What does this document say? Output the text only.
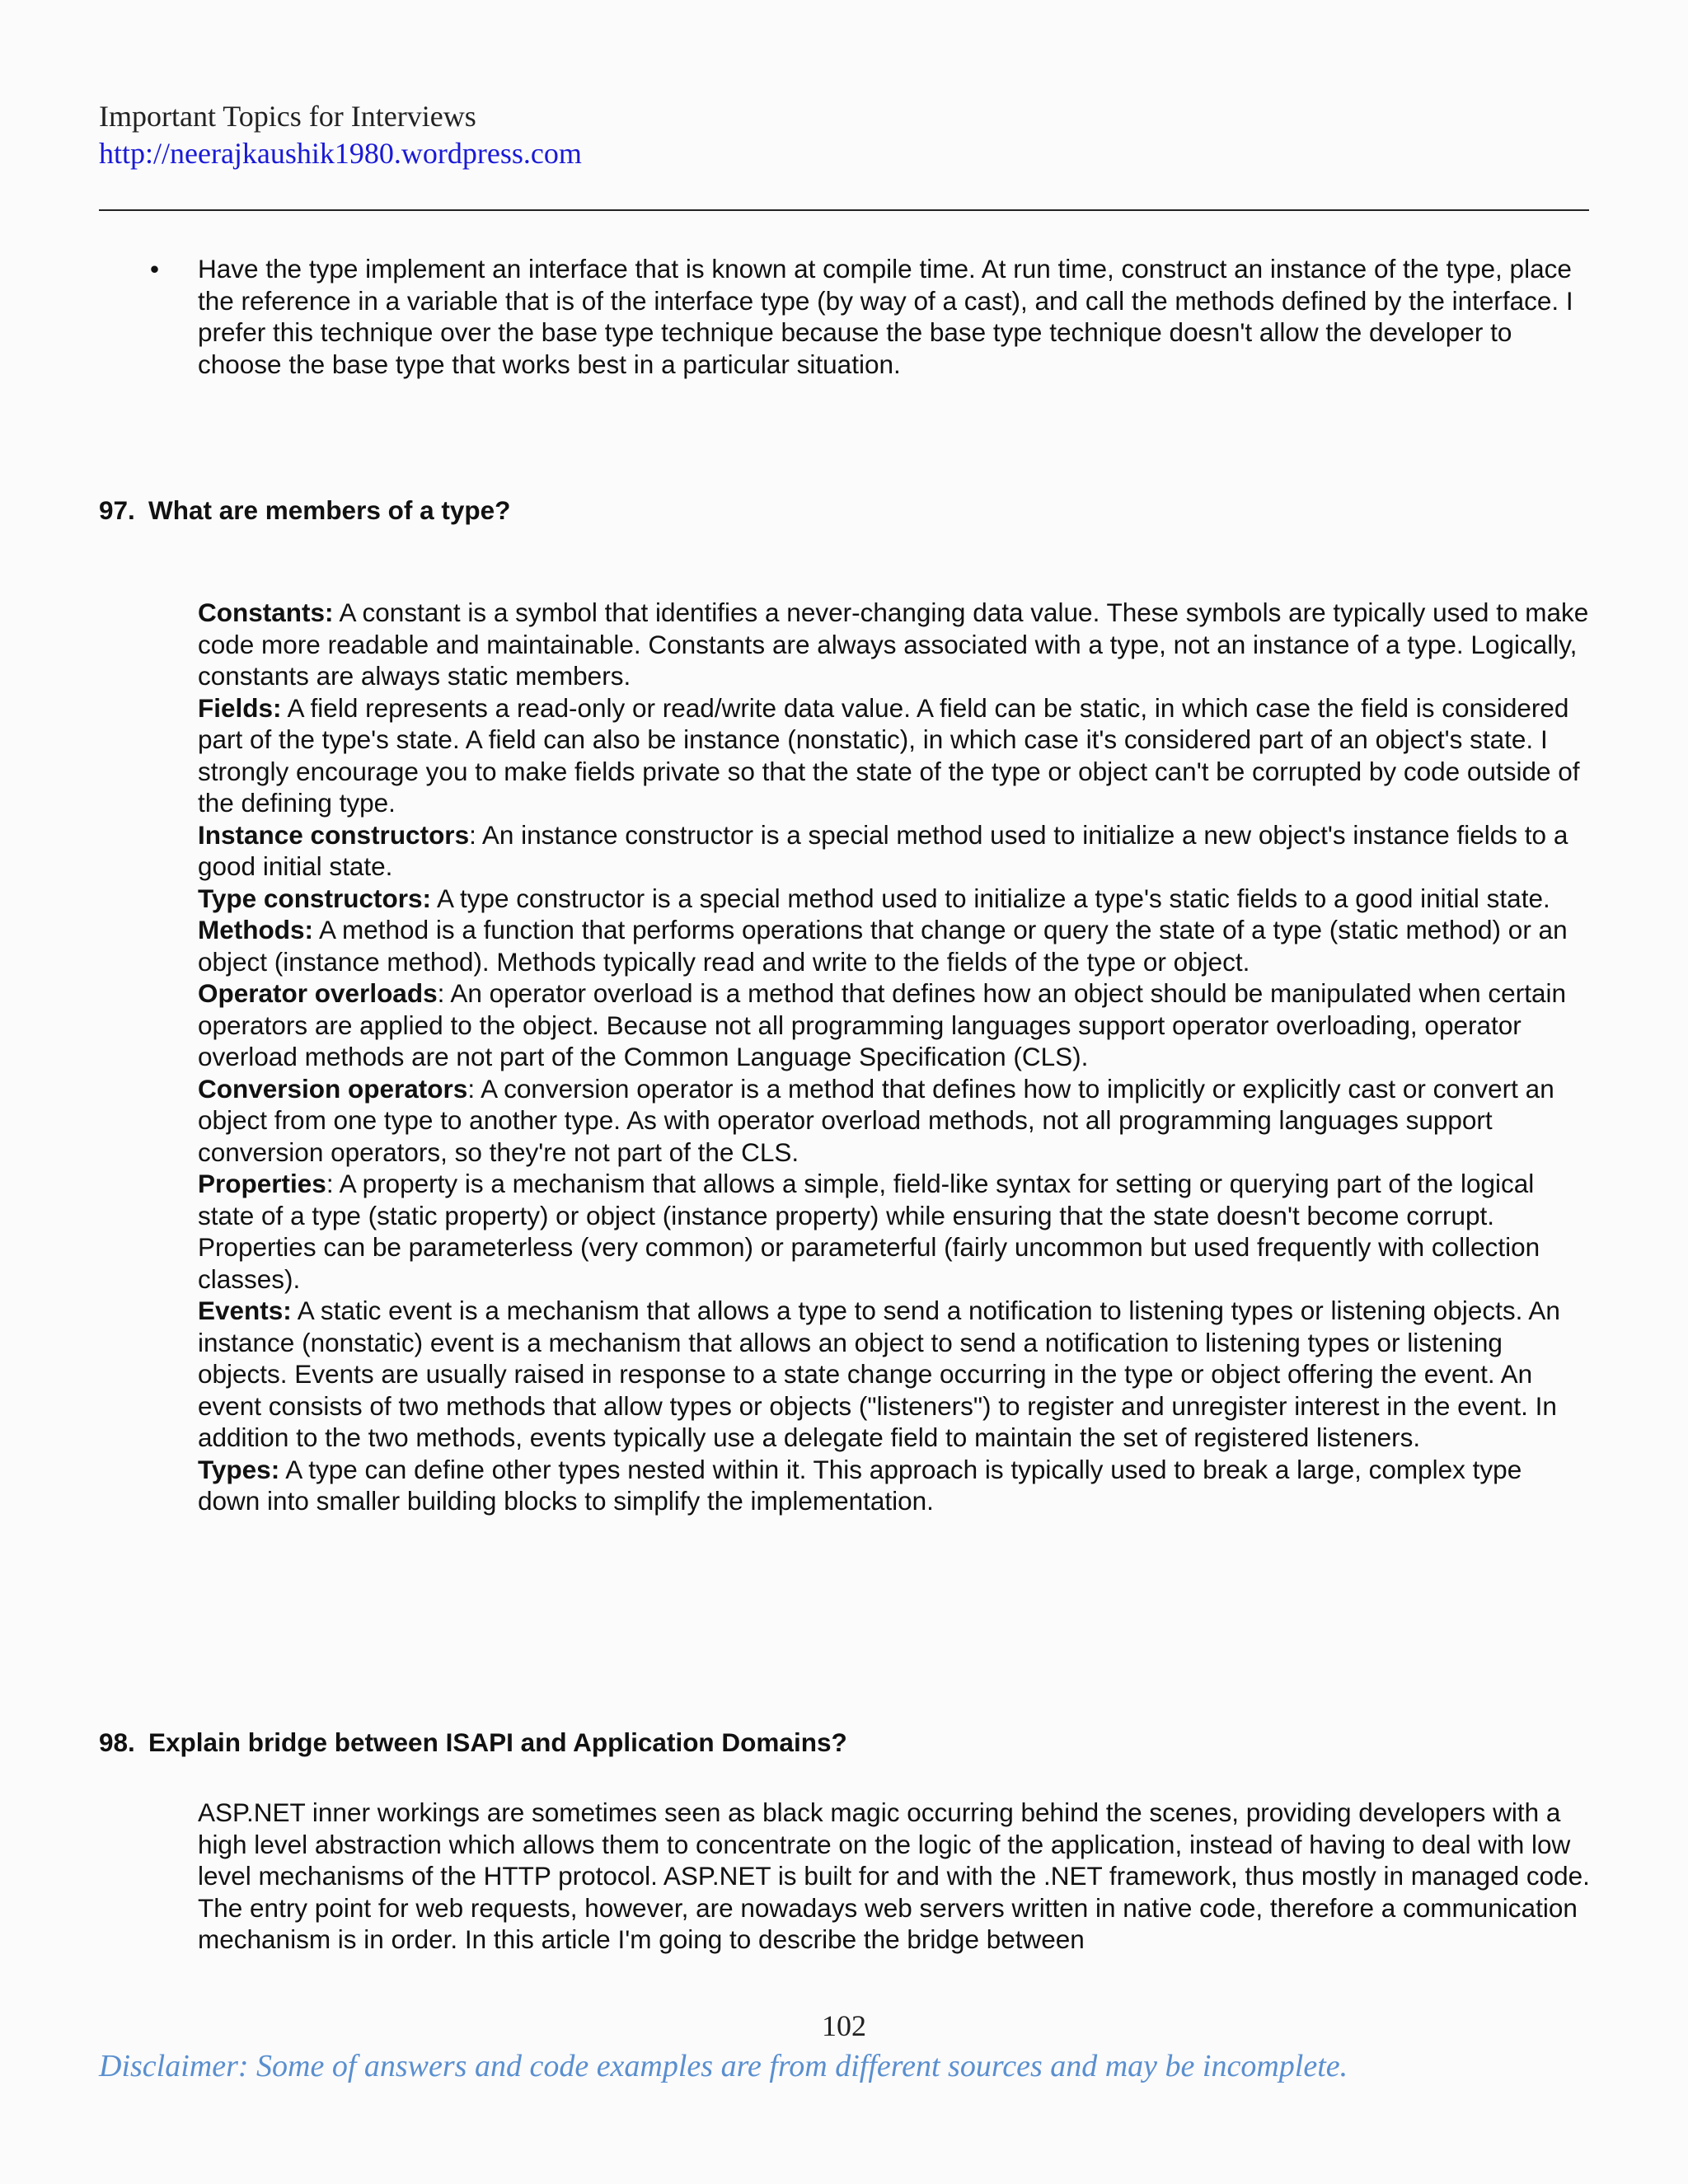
Important Topics for Interviews
http://neerajkaushik1980.wordpress.com
• Have the type implement an interface that is known at compile time. At run time, construct an instance of the type, place the reference in a variable that is of the interface type (by way of a cast), and call the methods defined by the interface. I prefer this technique over the base type technique because the base type technique doesn't allow the developer to choose the base type that works best in a particular situation.
97. What are members of a type?

Constants: A constant is a symbol that identifies a never-changing data value. These symbols are typically used to make code more readable and maintainable. Constants are always associated with a type, not an instance of a type. Logically, constants are always static members.

Fields: A field represents a read-only or read/write data value. A field can be static, in which case the field is considered part of the type's state. A field can also be instance (nonstatic), in which case it's considered part of an object's state. I strongly encourage you to make fields private so that the state of the type or object can't be corrupted by code outside of the defining type.

Instance constructors: An instance constructor is a special method used to initialize a new object's instance fields to a good initial state.

Type constructors: A type constructor is a special method used to initialize a type's static fields to a good initial state.

Methods: A method is a function that performs operations that change or query the state of a type (static method) or an object (instance method). Methods typically read and write to the fields of the type or object.

Operator overloads: An operator overload is a method that defines how an object should be manipulated when certain operators are applied to the object. Because not all programming languages support operator overloading, operator overload methods are not part of the Common Language Specification (CLS).

Conversion operators: A conversion operator is a method that defines how to implicitly or explicitly cast or convert an object from one type to another type. As with operator overload methods, not all programming languages support conversion operators, so they're not part of the CLS.

Properties: A property is a mechanism that allows a simple, field-like syntax for setting or querying part of the logical state of a type (static property) or object (instance property) while ensuring that the state doesn't become corrupt. Properties can be parameterless (very common) or parameterful (fairly uncommon but used frequently with collection classes).

Events: A static event is a mechanism that allows a type to send a notification to listening types or listening objects. An instance (nonstatic) event is a mechanism that allows an object to send a notification to listening types or listening objects. Events are usually raised in response to a state change occurring in the type or object offering the event. An event consists of two methods that allow types or objects ("listeners") to register and unregister interest in the event. In addition to the two methods, events typically use a delegate field to maintain the set of registered listeners.

Types: A type can define other types nested within it. This approach is typically used to break a large, complex type down into smaller building blocks to simplify the implementation.

98. Explain bridge between ISAPI and Application Domains?
ASP.NET inner workings are sometimes seen as black magic occurring behind the scenes, providing developers with a high level abstraction which allows them to concentrate on the logic of the application, instead of having to deal with low level mechanisms of the HTTP protocol. ASP.NET is built for and with the .NET framework, thus mostly in managed code. The entry point for web requests, however, are nowadays web servers written in native code, therefore a communication mechanism is in order. In this article I'm going to describe the bridge between
102
Disclaimer: Some of answers and code examples are from different sources and may be incomplete.
